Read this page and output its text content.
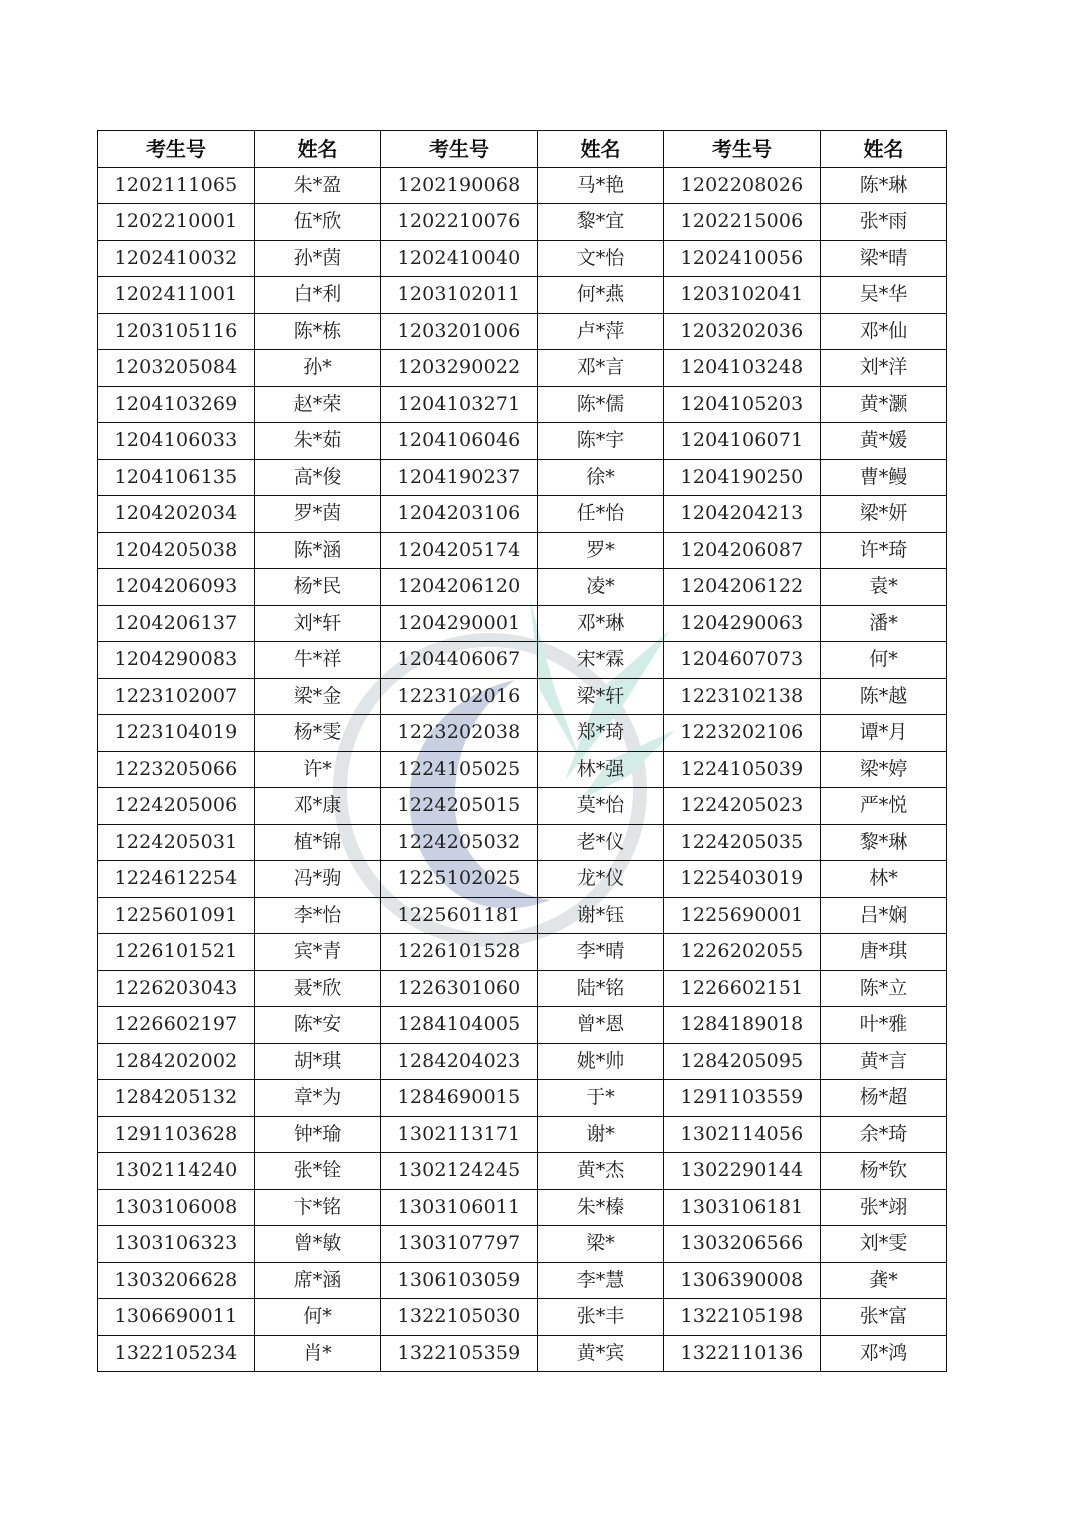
考生号	姓名	考生号	姓名	考生号	姓名
1202111065	朱*盈	1202190068	马*艳	1202208026	陈*琳
1202210001	伍*欣	1202210076	黎*宜	1202215006	张*雨
1202410032	孙*茵	1202410040	文*怡	1202410056	梁*晴
1202411001	白*利	1203102011	何*燕	1203102041	吴*华
1203105116	陈*栋	1203201006	卢*萍	1203202036	邓*仙
1203205084	孙*	1203290022	邓*言	1204103248	刘*洋
1204103269	赵*荣	1204103271	陈*儒	1204105203	黄*灏
1204106033	朱*茹	1204106046	陈*宇	1204106071	黄*媛
1204106135	高*俊	1204190237	徐*	1204190250	曹*鳗
1204202034	罗*茵	1204203106	任*怡	1204204213	梁*妍
1204205038	陈*涵	1204205174	罗*	1204206087	许*琦
1204206093	杨*民	1204206120	凌*	1204206122	袁*
1204206137	刘*轩	1204290001	邓*琳	1204290063	潘*
1204290083	牛*祥	1204406067	宋*霖	1204607073	何*
1223102007	梁*金	1223102016	梁*轩	1223102138	陈*越
1223104019	杨*雯	1223202038	郑*琦	1223202106	谭*月
1223205066	许*	1224105025	林*强	1224105039	梁*婷
1224205006	邓*康	1224205015	莫*怡	1224205023	严*悦
1224205031	植*锦	1224205032	老*仪	1224205035	黎*琳
1224612254	冯*驹	1225102025	龙*仪	1225403019	林*
1225601091	李*怡	1225601181	谢*钰	1225690001	吕*娴
1226101521	宾*青	1226101528	李*晴	1226202055	唐*琪
1226203043	聂*欣	1226301060	陆*铭	1226602151	陈*立
1226602197	陈*安	1284104005	曾*恩	1284189018	叶*雅
1284202002	胡*琪	1284204023	姚*帅	1284205095	黄*言
1284205132	章*为	1284690015	于*	1291103559	杨*超
1291103628	钟*瑜	1302113171	谢*	1302114056	余*琦
1302114240	张*铨	1302124245	黄*杰	1302290144	杨*钦
1303106008	卞*铭	1303106011	朱*榛	1303106181	张*翊
1303106323	曾*敏	1303107797	梁*	1303206566	刘*雯
1303206628	席*涵	1306103059	李*慧	1306390008	龚*
1306690011	何*	1322105030	张*丰	1322105198	张*富
1322105234	肖*	1322105359	黄*宾	1322110136	邓*鸿
